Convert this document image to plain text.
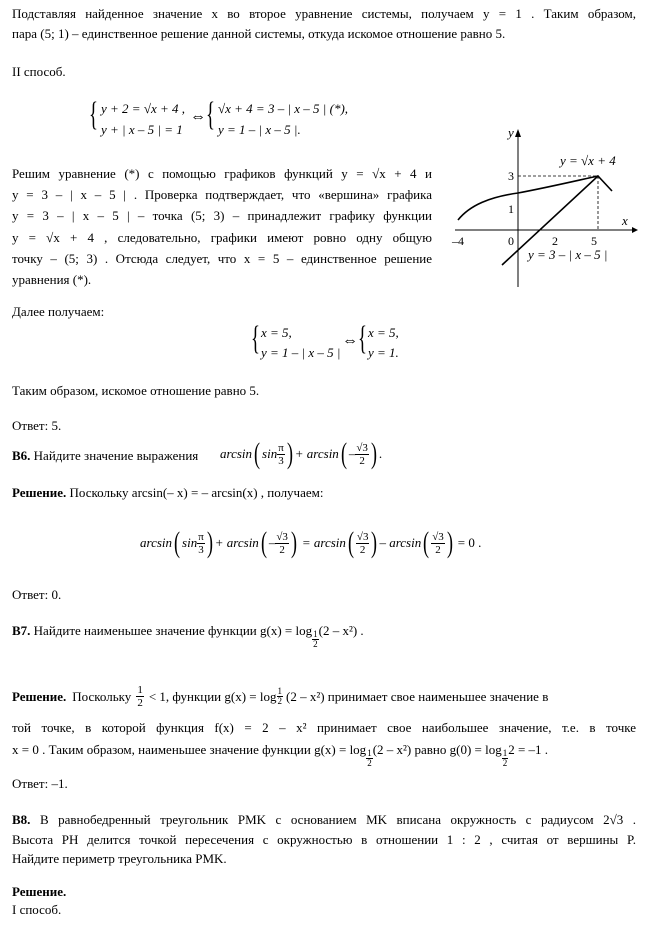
Подставляя найденное значение x во второе уравнение системы, получаем y = 1 . Таким образом,
пара (5; 1) – единственное решение данной системы, откуда искомое отношение равно 5.
II способ.
{ y + 2 = √x + 4 ,
y + | x – 5 | = 1
⇔ { √x + 4 = 3 – | x – 5 | (*),
y = 1 – | x – 5 |.
Решим уравнение (*) с помощью графиков функций y = √x + 4 и
y = 3 – | x – 5 | . Проверка подтверждает, что «вершина» графика
y = 3 – | x – 5 | – точка (5; 3) – принадлежит графику функции
y = √x + 4 , следовательно, графики имеют ровно одну общую
точку – (5; 3) . Отсюда следует, что x = 5 – единственное решение
уравнения (*).
y
x
y = √x + 4
y = 3 – | x – 5 |
–4	0	2	5
1
3
Далее получаем:
{ x = 5,
y = 1 – | x – 5 |
⇔ { x = 5,
y = 1.
Таким образом, искомое отношение равно 5.
Ответ: 5.
B6. Найдите значение выражения arcsin ( $\sin \frac{\pi}{3}$ ) + arcsin ( – $\frac{√3}{2}$ ) .
Решение. Поскольку arcsin(– x) = – arcsin(x) , получаем:
arcsin ( $\sin \frac{\pi}{3}$ ) + arcsin ( – $\frac{√3}{2}$ ) = arcsin ( $\frac{√3}{2}$ ) – arcsin ( $\frac{√3}{2}$ ) = 0 .
Ответ: 0.
B7. Найдите наименьшее значение функции $g(x) = \log \frac{1}{2} (2 - x^2)$ .
Решение. Поскольку $\frac{1}{2} < 1$, функции $g(x) = \log \frac{1}{2} (2 - x^2)$ принимает свое наименьшее значение в
той точке, в которой функция f(x) = 2 – x² принимает свое наибольшее значение, т.е. в точке
x = 0 . Таким образом, наименьшее значение функции $g(x) = \log \frac{1}{2} (2 - x^2)$ равно $g(0) = \log \frac{1}{2} 2 = -1$ .
Ответ: –1.
B8. В равнобедренный треугольник PMK с основанием MK вписана окружность с радиусом 2√3 .
Высота PH делится точкой пересечения с окружностью в отношении 1 : 2 , считая от вершины P.
Найдите периметр треугольника PMK.
Решение.
I способ.
